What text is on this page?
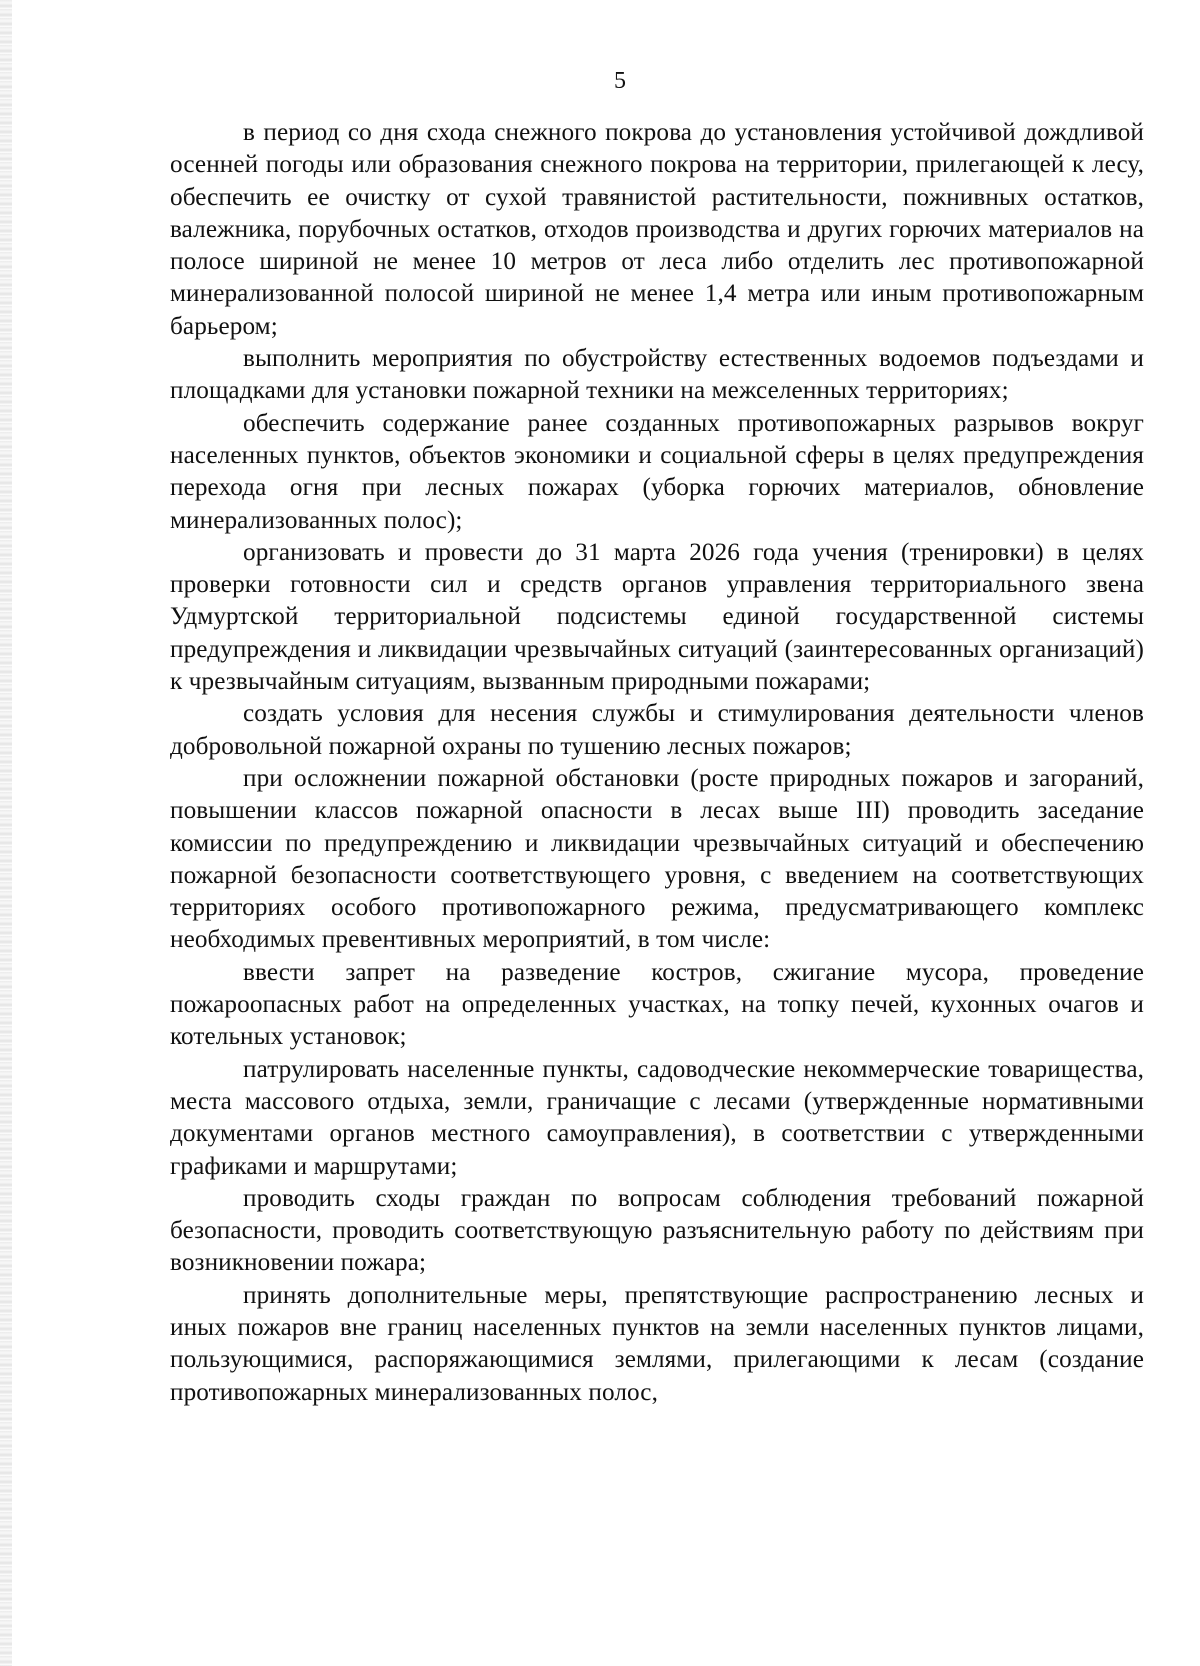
5

в период со дня схода снежного покрова до установления устойчивой дождливой осенней погоды или образования снежного покрова на территории, прилегающей к лесу, обеспечить ее очистку от сухой травянистой растительности, пожнивных остатков, валежника, порубочных остатков, отходов производства и других горючих материалов на полосе шириной не менее 10 метров от леса либо отделить лес противопожарной минерализованной полосой шириной не менее 1,4 метра или иным противопожарным барьером;

выполнить мероприятия по обустройству естественных водоемов подъездами и площадками для установки пожарной техники на межселенных территориях;

обеспечить содержание ранее созданных противопожарных разрывов вокруг населенных пунктов, объектов экономики и социальной сферы в целях предупреждения перехода огня при лесных пожарах (уборка горючих материалов, обновление минерализованных полос);

организовать и провести до 31 марта 2026 года учения (тренировки) в целях проверки готовности сил и средств органов управления территориального звена Удмуртской территориальной подсистемы единой государственной системы предупреждения и ликвидации чрезвычайных ситуаций (заинтересованных организаций) к чрезвычайным ситуациям, вызванным природными пожарами;

создать условия для несения службы и стимулирования деятельности членов добровольной пожарной охраны по тушению лесных пожаров;

при осложнении пожарной обстановки (росте природных пожаров и загораний, повышении классов пожарной опасности в лесах выше III) проводить заседание комиссии по предупреждению и ликвидации чрезвычайных ситуаций и обеспечению пожарной безопасности соответствующего уровня, с введением на соответствующих территориях особого противопожарного режима, предусматривающего комплекс необходимых превентивных мероприятий, в том числе:

ввести запрет на разведение костров, сжигание мусора, проведение пожароопасных работ на определенных участках, на топку печей, кухонных очагов и котельных установок;

патрулировать населенные пункты, садоводческие некоммерческие товарищества, места массового отдыха, земли, граничащие с лесами (утвержденные нормативными документами органов местного самоуправления), в соответствии с утвержденными графиками и маршрутами;

проводить сходы граждан по вопросам соблюдения требований пожарной безопасности, проводить соответствующую разъяснительную работу по действиям при возникновении пожара;

принять дополнительные меры, препятствующие распространению лесных и иных пожаров вне границ населенных пунктов на земли населенных пунктов лицами, пользующимися, распоряжающимися землями, прилегающими к лесам (создание противопожарных минерализованных полос,
